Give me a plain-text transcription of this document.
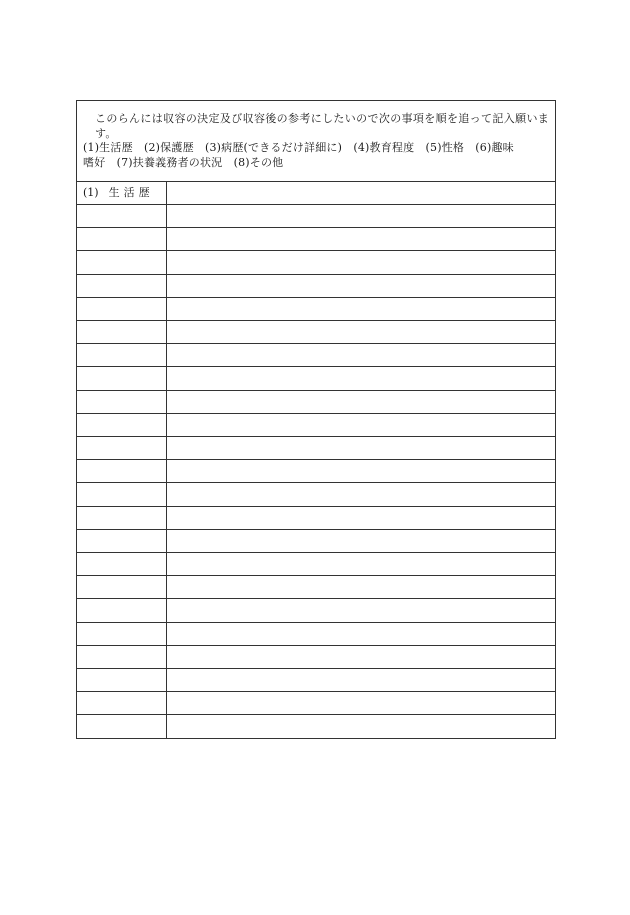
このらんには収容の決定及び収容後の参考にしたいので次の事項を順を追って記入願います。
(1)生活歴　(2)保護歴　(3)病歴(できるだけ詳細に)　(4)教育程度　(5)性格　(6)趣味
嗜好　(7)扶養義務者の状況　(8)その他
(1) 生活歴
